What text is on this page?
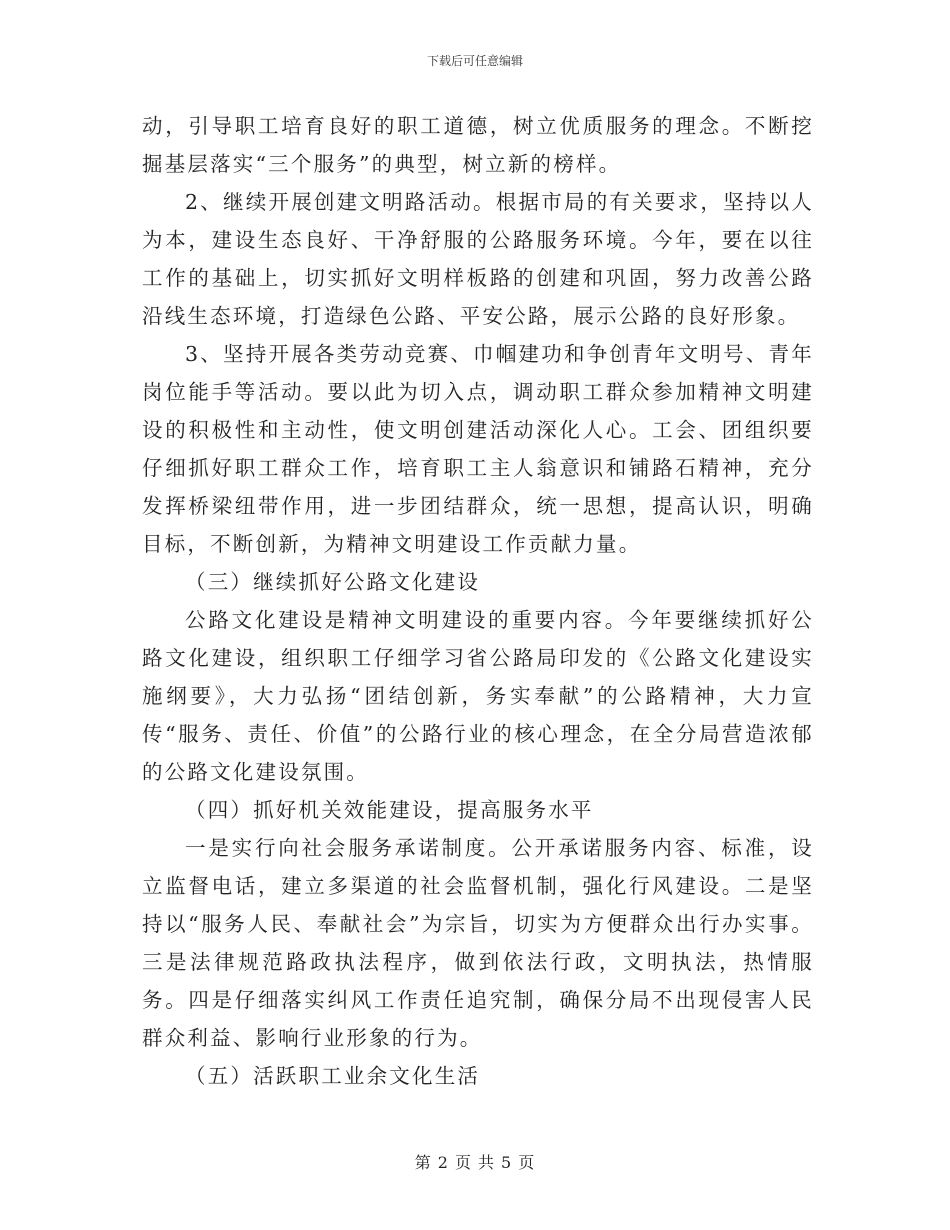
下载后可任意编辑

动，引导职工培育良好的职工道德，树立优质服务的理念。不断挖掘基层落实“三个服务”的典型，树立新的榜样。

2、继续开展创建文明路活动。根据市局的有关要求，坚持以人为本，建设生态良好、干净舒服的公路服务环境。今年，要在以往工作的基础上，切实抓好文明样板路的创建和巩固，努力改善公路沿线生态环境，打造绿色公路、平安公路，展示公路的良好形象。

3、坚持开展各类劳动竞赛、巾帼建功和争创青年文明号、青年岗位能手等活动。要以此为切入点，调动职工群众参加精神文明建设的积极性和主动性，使文明创建活动深化人心。工会、团组织要仔细抓好职工群众工作，培育职工主人翁意识和铺路石精神，充分发挥桥梁纽带作用，进一步团结群众，统一思想，提高认识，明确目标，不断创新，为精神文明建设工作贡献力量。

（三）继续抓好公路文化建设

公路文化建设是精神文明建设的重要内容。今年要继续抓好公路文化建设，组织职工仔细学习省公路局印发的《公路文化建设实施纲要》，大力弘扬“团结创新，务实奉献”的公路精神，大力宣传“服务、责任、价值”的公路行业的核心理念，在全分局营造浓郁的公路文化建设氛围。

（四）抓好机关效能建设，提高服务水平

一是实行向社会服务承诺制度。公开承诺服务内容、标准，设立监督电话，建立多渠道的社会监督机制，强化行风建设。二是坚持以“服务人民、奉献社会”为宗旨，切实为方便群众出行办实事。三是法律规范路政执法程序，做到依法行政，文明执法，热情服务。四是仔细落实纠风工作责任追究制，确保分局不出现侵害人民群众利益、影响行业形象的行为。

（五）活跃职工业余文化生活

第 2 页 共 5 页
